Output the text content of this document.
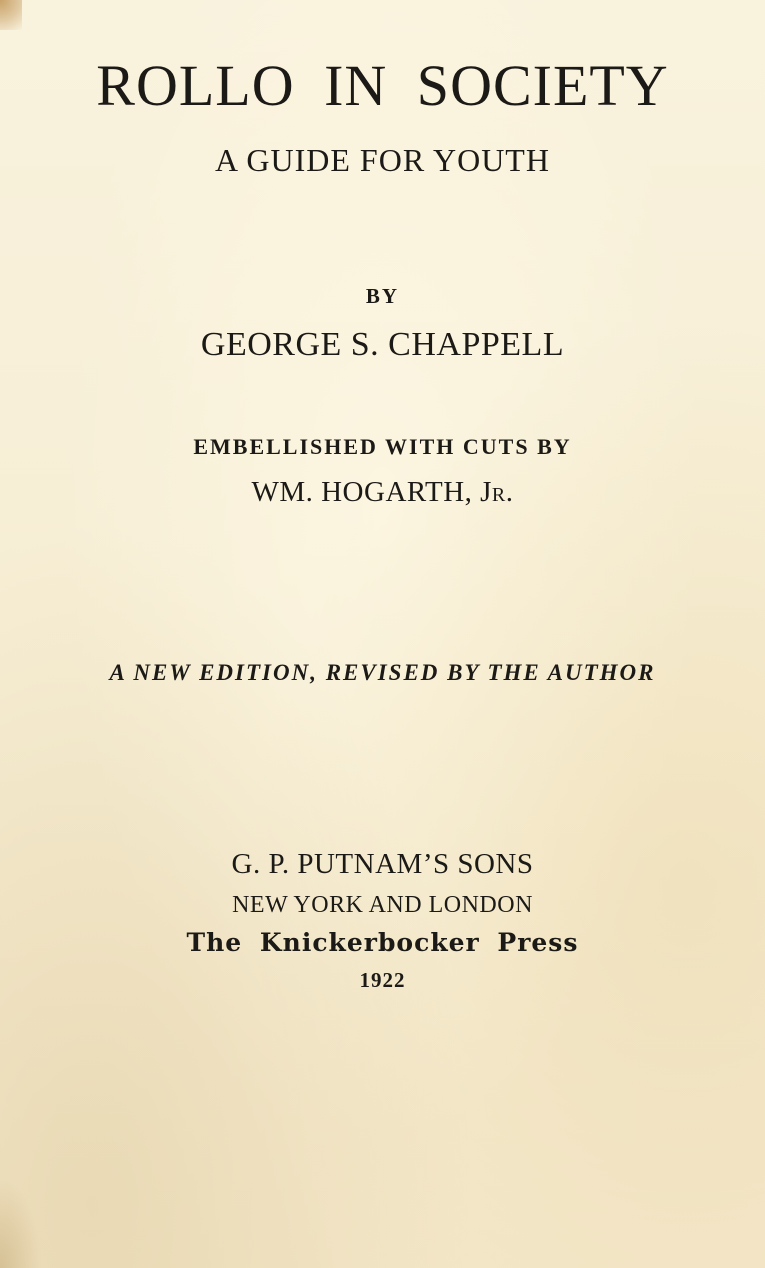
ROLLO IN SOCIETY
A GUIDE FOR YOUTH
BY
GEORGE S. CHAPPELL
EMBELLISHED WITH CUTS BY
WM. HOGARTH, Jr.
A NEW EDITION, REVISED BY THE AUTHOR
G. P. PUTNAM’S SONS
NEW YORK AND LONDON
The Knickerbocker Press
1922
